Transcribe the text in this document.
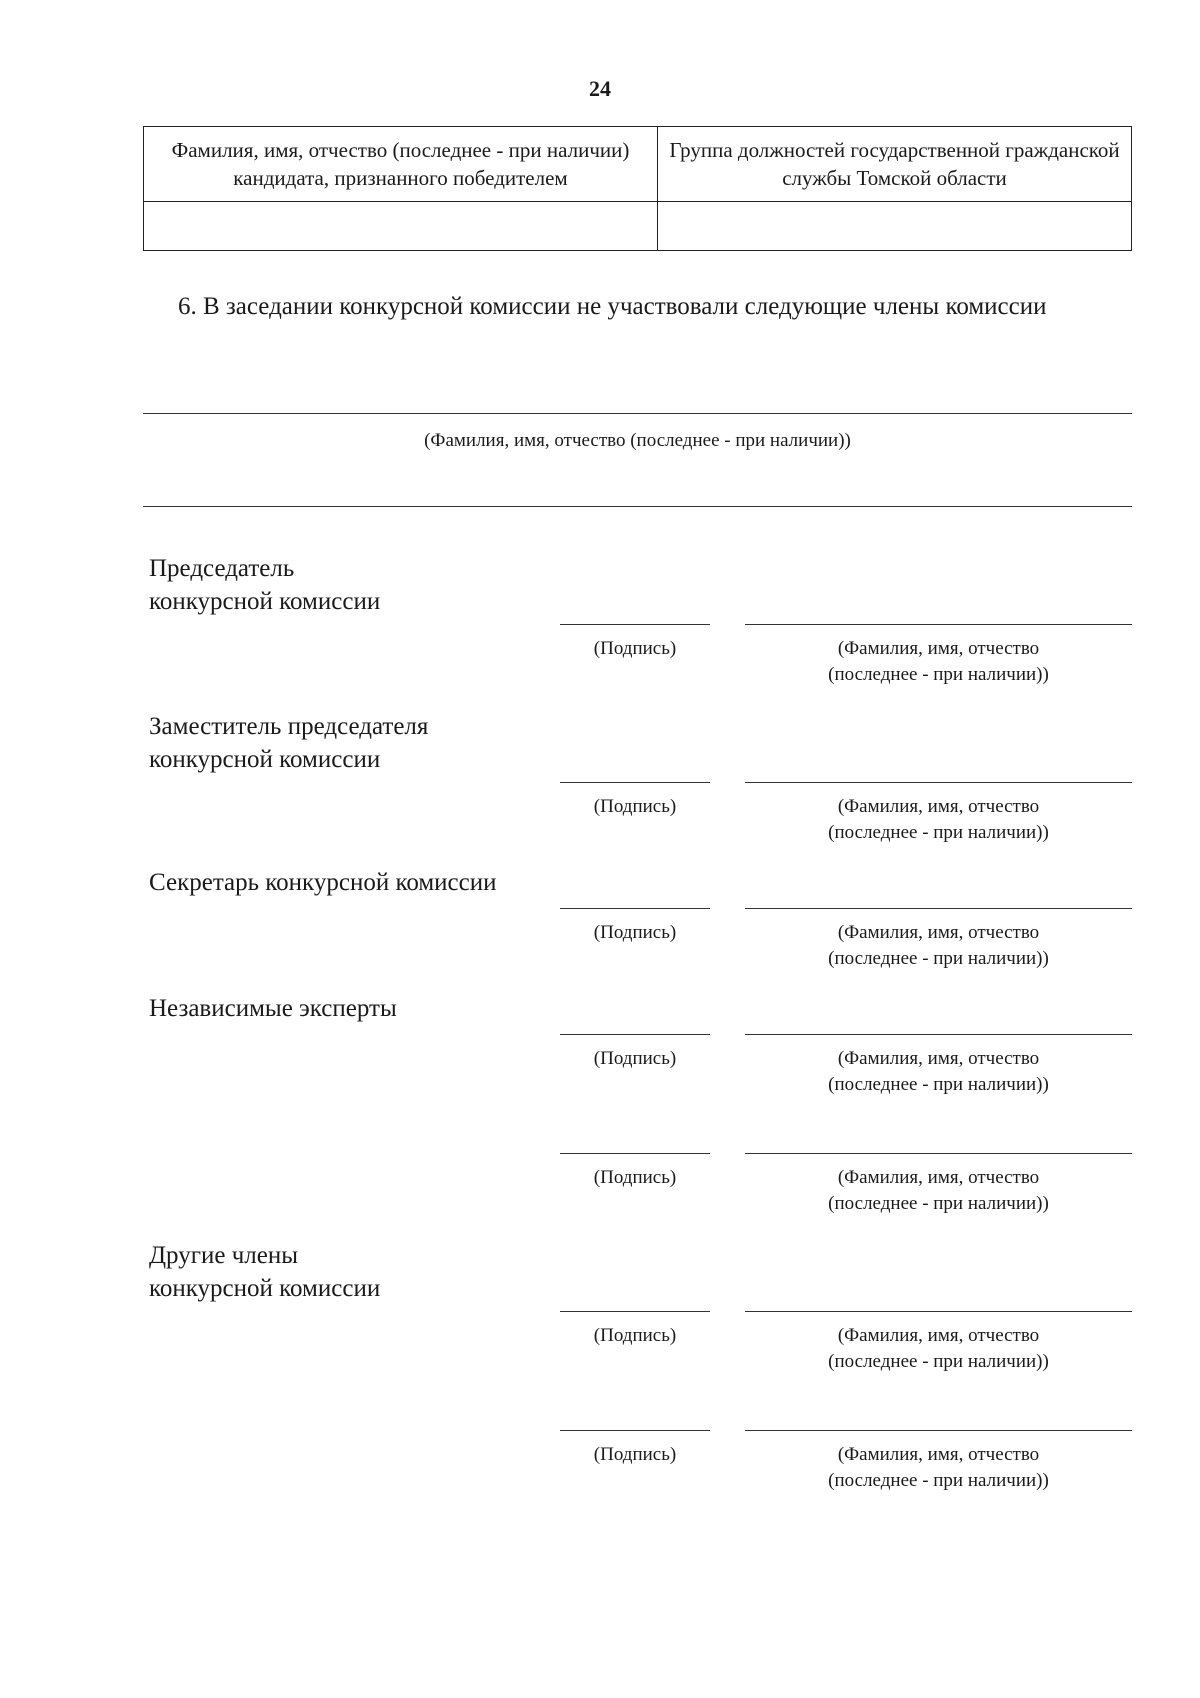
24
Фамилия, имя, отчество (последнее - при наличии) кандидата, признанного победителем	Группа должностей государственной гражданской службы Томской области

6. В заседании конкурсной комиссии не участвовали следующие члены комиссии
(Фамилия, имя, отчество (последнее - при наличии))
Председатель
конкурсной комиссии
(Подпись)	(Фамилия, имя, отчество
(последнее - при наличии))
Заместитель председателя
конкурсной комиссии
(Подпись)	(Фамилия, имя, отчество
(последнее - при наличии))
Секретарь конкурсной комиссии
(Подпись)	(Фамилия, имя, отчество
(последнее - при наличии))
Независимые эксперты
(Подпись)	(Фамилия, имя, отчество
(последнее - при наличии))
(Подпись)	(Фамилия, имя, отчество
(последнее - при наличии))
Другие члены
конкурсной комиссии
(Подпись)	(Фамилия, имя, отчество
(последнее - при наличии))
(Подпись)	(Фамилия, имя, отчество
(последнее - при наличии))
